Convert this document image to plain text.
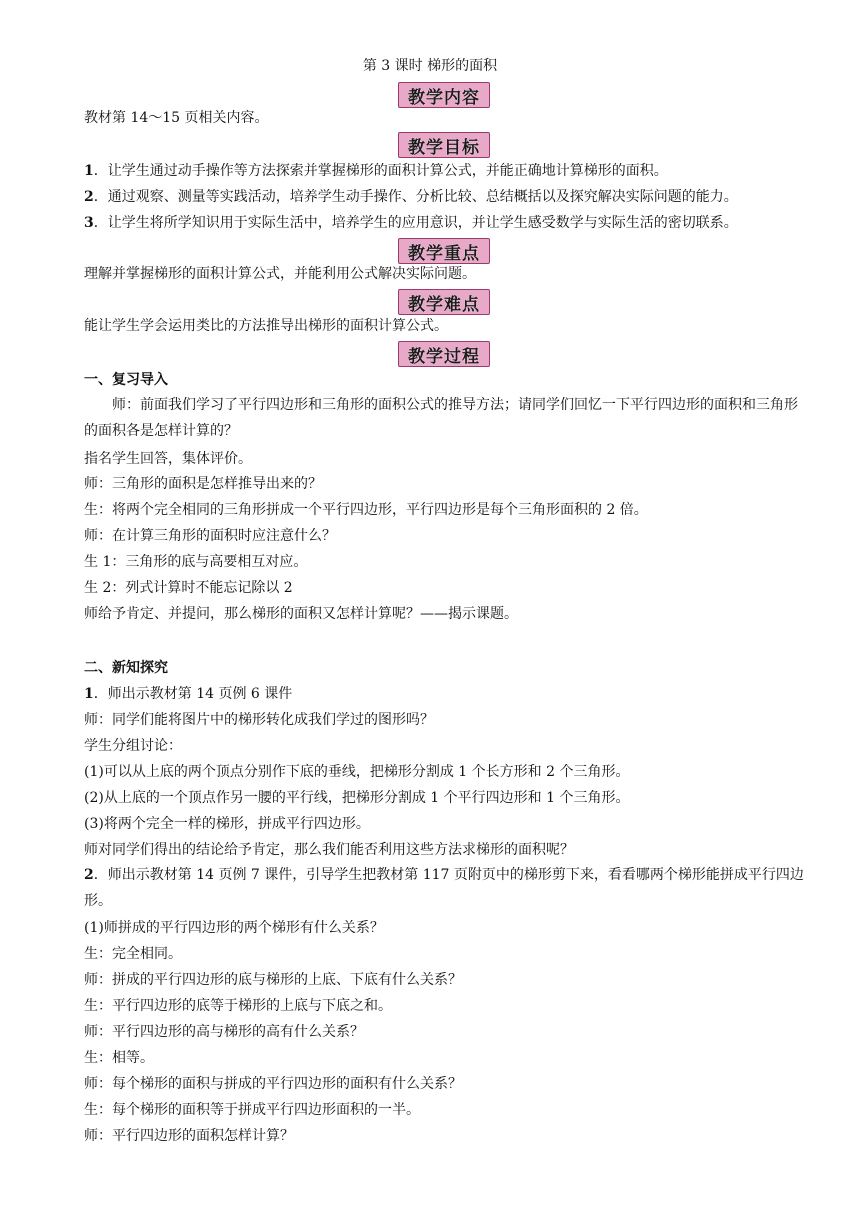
第 3 课时 梯形的面积
教学内容
教材第 14～15 页相关内容。
教学目标
1．让学生通过动手操作等方法探索并掌握梯形的面积计算公式，并能正确地计算梯形的面积。
2．通过观察、测量等实践活动，培养学生动手操作、分析比较、总结概括以及探究解决实际问题的能力。
3．让学生将所学知识用于实际生活中，培养学生的应用意识，并让学生感受数学与实际生活的密切联系。
教学重点
理解并掌握梯形的面积计算公式，并能利用公式解决实际问题。
教学难点
能让学生学会运用类比的方法推导出梯形的面积计算公式。
教学过程
一、复习导入
师：前面我们学习了平行四边形和三角形的面积公式的推导方法；请同学们回忆一下平行四边形的面积和三角形的面积各是怎样计算的？
指名学生回答，集体评价。
师：三角形的面积是怎样推导出来的？
生：将两个完全相同的三角形拼成一个平行四边形，平行四边形是每个三角形面积的 2 倍。
师：在计算三角形的面积时应注意什么？
生 1：三角形的底与高要相互对应。
生 2：列式计算时不能忘记除以 2
师给予肯定、并提问，那么梯形的面积又怎样计算呢？——揭示课题。
二、新知探究
1．师出示教材第 14 页例 6 课件
师：同学们能将图片中的梯形转化成我们学过的图形吗？
学生分组讨论：
(1)可以从上底的两个顶点分别作下底的垂线，把梯形分割成 1 个长方形和 2 个三角形。
(2)从上底的一个顶点作另一腰的平行线，把梯形分割成 1 个平行四边形和 1 个三角形。
(3)将两个完全一样的梯形，拼成平行四边形。
师对同学们得出的结论给予肯定，那么我们能否利用这些方法求梯形的面积呢？
2．师出示教材第 14 页例 7 课件，引导学生把教材第 117 页附页中的梯形剪下来，看看哪两个梯形能拼成平行四边形。
(1)师拼成的平行四边形的两个梯形有什么关系？
生：完全相同。
师：拼成的平行四边形的底与梯形的上底、下底有什么关系？
生：平行四边形的底等于梯形的上底与下底之和。
师：平行四边形的高与梯形的高有什么关系？
生：相等。
师：每个梯形的面积与拼成的平行四边形的面积有什么关系？
生：每个梯形的面积等于拼成平行四边形面积的一半。
师：平行四边形的面积怎样计算？
